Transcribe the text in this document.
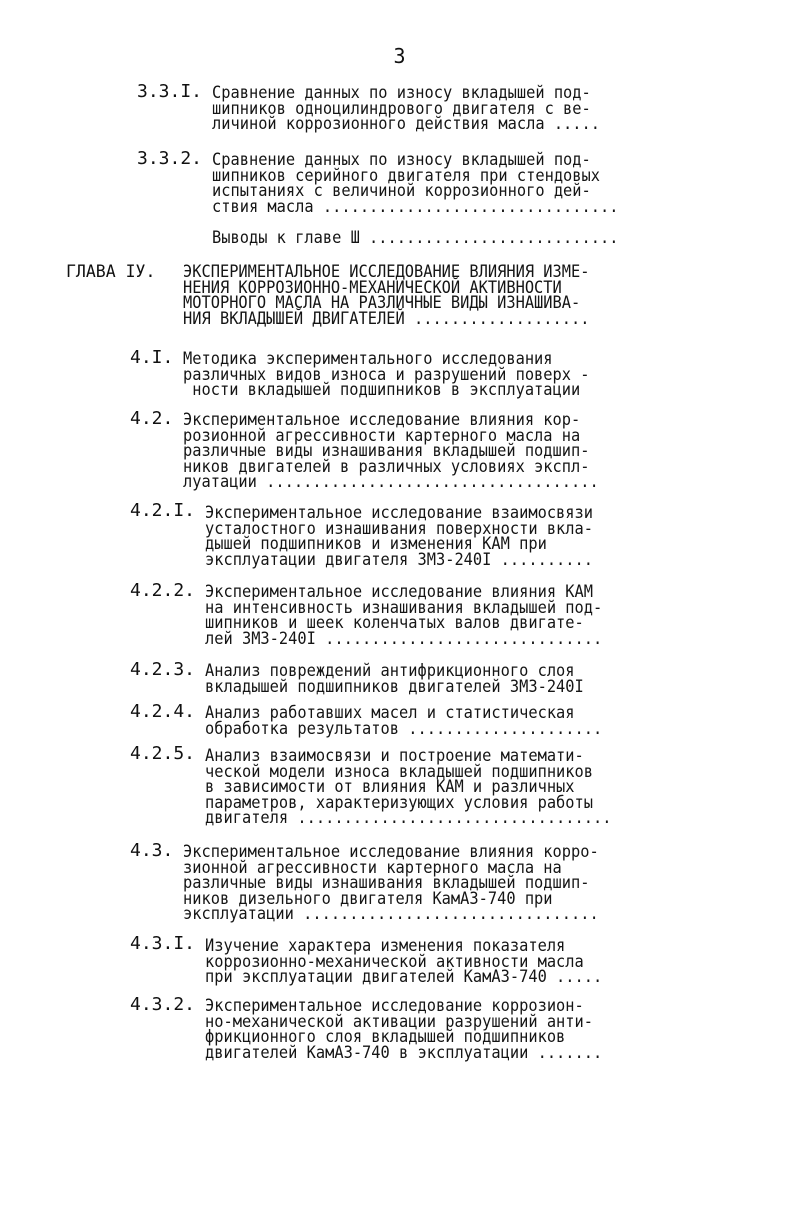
3
3.3.I. Сравнение данных по износу вкладышей под-
шипников одноцилиндрового двигателя с ве-
личиной коррозионного действия масла .....
3.3.2. Сравнение данных по износу вкладышей под-
шипников серийного двигателя при стендовых
испытаниях с величиной коррозионного дей-
ствия масла ................................
Выводы к главе Ш ...........................
ГЛАВА IУ. ЭКСПЕРИМЕНТАЛЬНОЕ ИССЛЕДОВАНИЕ ВЛИЯНИЯ ИЗМЕ-
НЕНИЯ КОРРОЗИОННО-МЕХАНИЧЕСКОЙ АКТИВНОСТИ
МОТОРНОГО МАСЛА НА РАЗЛИЧНЫЕ ВИДЫ ИЗНАШИВА-
НИЯ ВКЛАДЫШЕЙ ДВИГАТЕЛЕЙ ...................
4.I. Методика экспериментального исследования
различных видов износа и разрушений поверх -
ности вкладышей подшипников в эксплуатации
4.2. Экспериментальное исследование влияния кор-
розионной агрессивности картерного масла на
различные виды изнашивания вкладышей подшип-
ников двигателей в различных условиях экспл-
луатации ....................................
4.2.I. Экспериментальное исследование взаимосвязи
усталостного изнашивания поверхности вкла-
дышей подшипников и изменения КАМ при
эксплуатации двигателя ЗМЗ-240I ..........
4.2.2. Экспериментальное исследование влияния КАМ
на интенсивность изнашивания вкладышей под-
шипников и шеек коленчатых валов двигате-
лей ЗМЗ-240I ..............................
4.2.3. Анализ повреждений антифрикционного слоя
вкладышей подшипников двигателей ЗМЗ-240I
4.2.4. Анализ работавших масел и статистическая
обработка результатов .....................
4.2.5. Анализ взаимосвязи и построение математи-
ческой модели износа вкладышей подшипников
в зависимости от влияния КАМ и различных
параметров, характеризующих условия работы
двигателя ..................................
4.3. Экспериментальное исследование влияния корро-
зионной агрессивности картерного масла на
различные виды изнашивания вкладышей подшип-
ников дизельного двигателя КамАЗ-740 при
эксплуатации ................................
4.3.I. Изучение характера изменения показателя
коррозионно-механической активности масла
при эксплуатации двигателей КамАЗ-740 .....
4.3.2. Экспериментальное исследование коррозион-
но-механической активации разрушений анти-
фрикционного слоя вкладышей подшипников
двигателей КамАЗ-740 в эксплуатации .......
